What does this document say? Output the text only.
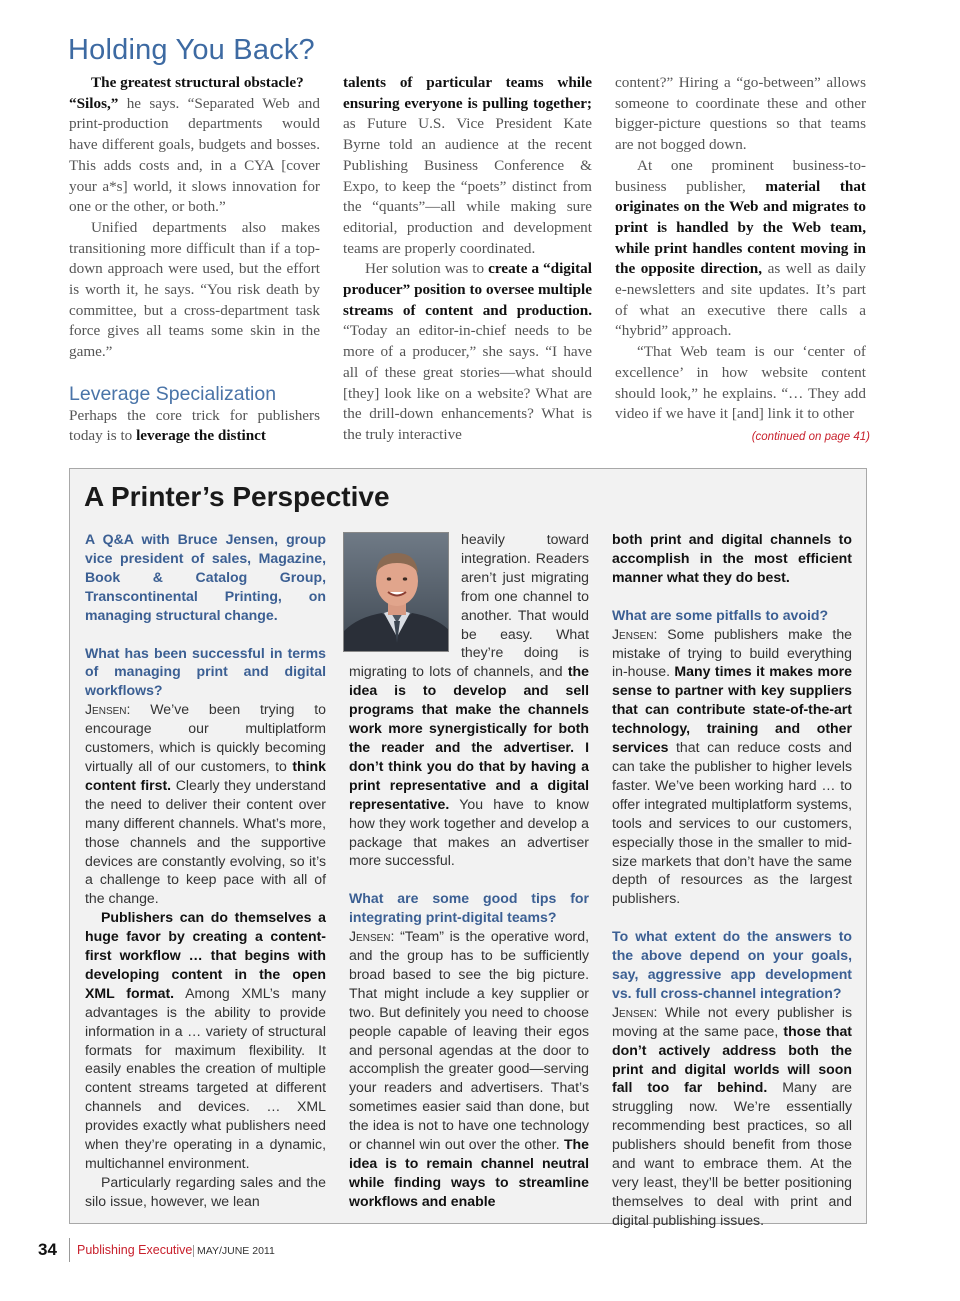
Holding You Back?

The greatest structural obstacle?
“Silos,” he says. “Separated Web and print-production departments would have different goals, budgets and bosses. This adds costs and, in a CYA [cover your a*s] world, it slows innovation for one or the other, or both.”

Unified departments also makes transitioning more difficult than if a top-down approach were used, but the effort is worth it, he says. “You risk death by committee, but a cross-department task force gives all teams some skin in the game.”

Leverage Specialization

Perhaps the core trick for publishers today is to leverage the distinct

talents of particular teams while ensuring everyone is pulling together; as Future U.S. Vice President Kate Byrne told an audience at the recent Publishing Business Conference & Expo, to keep the “poets” distinct from the “quants”—all while making sure editorial, production and development teams are properly coordinated.

Her solution was to create a “digital producer” position to oversee multiple streams of content and production. “Today an editor-in-chief needs to be more of a producer,” she says. “I have all of these great stories—what should [they] look like on a website? What are the drill-down enhancements? What is the truly interactive

content?” Hiring a “go-between” allows someone to coordinate these and other bigger-picture questions so that teams are not bogged down.

At one prominent business-to-business publisher, material that originates on the Web and migrates to print is handled by the Web team, while print handles content moving in the opposite direction, as well as daily e-newsletters and site updates. It’s part of what an executive there calls a “hybrid” approach.

“That Web team is our ‘center of excellence’ in how website content should look,” he explains. “… They add video if we have it [and] link it to other

(continued on page 41)
A Printer’s Perspective

A Q&A with Bruce Jensen, group vice president of sales, Magazine, Book & Catalog Group, Transcontinental Printing, on managing structural change.

What has been successful in terms of managing print and digital workflows?

Jensen: We’ve been trying to encourage our multiplatform customers, which is quickly becoming virtually all of our customers, to think content first. Clearly they understand the need to deliver their content over many different channels. What’s more, those channels and the supportive devices are constantly evolving, so it’s a challenge to keep pace with all of the change.

Publishers can do themselves a huge favor by creating a content-first workflow … that begins with developing content in the open XML format. Among XML’s many advantages is the ability to provide information in a … variety of structural formats for maximum flexibility. It easily enables the creation of multiple content streams targeted at different channels and devices. … XML provides exactly what publishers need when they’re operating in a dynamic, multichannel environment.

Particularly regarding sales and the silo issue, however, we lean

heavily toward integration. Readers aren’t just migrating from one channel to another. That would be easy. What they’re doing is migrating to lots of channels, and the idea is to develop and sell programs that make the channels work more synergistically for both the reader and the advertiser. I don’t think you do that by having a print representative and a digital representative. You have to know how they work together and develop a package that makes an advertiser more successful.

What are some good tips for integrating print-digital teams?

Jensen: “Team” is the operative word, and the group has to be sufficiently broad based to see the big picture. That might include a key supplier or two. But definitely you need to choose people capable of leaving their egos and personal agendas at the door to accomplish the greater good—serving your readers and advertisers. That’s sometimes easier said than done, but the idea is not to have one technology or channel win out over the other. The idea is to remain channel neutral while finding ways to streamline workflows and enable

both print and digital channels to accomplish in the most efficient manner what they do best.

What are some pitfalls to avoid?

Jensen: Some publishers make the mistake of trying to build everything in-house. Many times it makes more sense to partner with key suppliers that can contribute state-of-the-art technology, training and other services that can reduce costs and can take the publisher to higher levels faster. We’ve been working hard … to offer integrated multiplatform systems, tools and services to our customers, especially those in the smaller to mid-size markets that don’t have the same depth of resources as the largest publishers.

To what extent do the answers to the above depend on your goals, say, aggressive app development vs. full cross-channel integration?

Jensen: While not every publisher is moving at the same pace, those that don’t actively address both the print and digital worlds will soon fall too far behind. Many are struggling now. We’re essentially recommending best practices, so all publishers should benefit from those and want to embrace them. At the very least, they’ll be better positioning themselves to deal with print and digital publishing issues.

34 Publishing Executive MAY/JUNE 2011
